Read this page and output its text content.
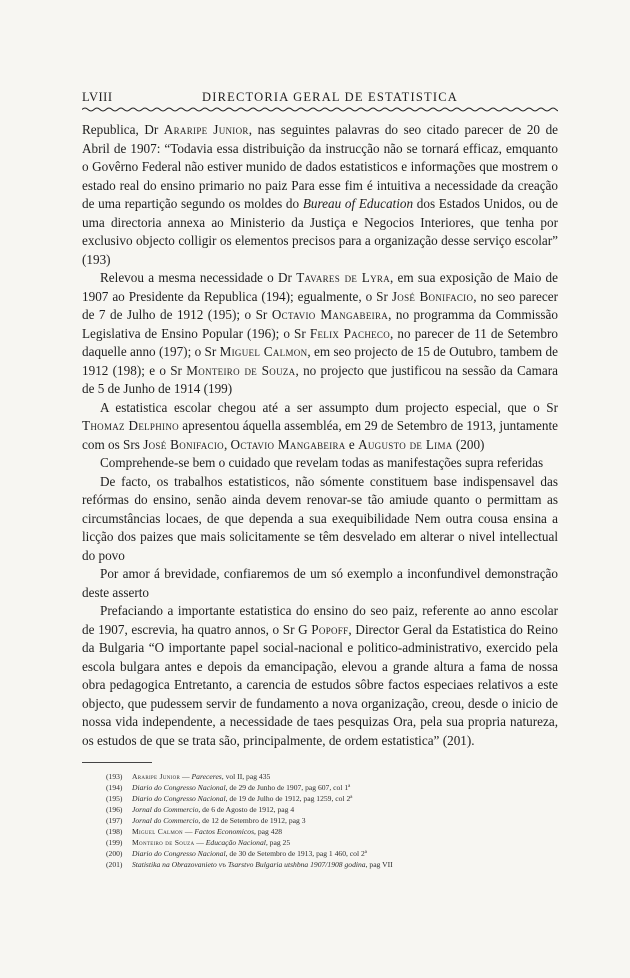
LVIII	DIRECTORIA GERAL DE ESTATISTICA

Republica, Dr Araripe Junior, nas seguintes palavras do seo citado parecer de 20 de Abril de 1907: “Todavia essa distribuição da instrucção não se tornará efficaz, emquanto o Govêrno Federal não estiver munido de dados estatisticos e informações que mostrem o estado real do ensino primario no paiz Para esse fim é intuitiva a necessidade da creação de uma repartição segundo os moldes do Bureau of Education dos Estados Unidos, ou de uma directoria annexa ao Ministerio da Justiça e Negocios Interiores, que tenha por exclusivo objecto colligir os elementos precisos para a organização desse serviço escolar” (193)

Relevou a mesma necessidade o Dr Tavares de Lyra, em sua exposição de Maio de 1907 ao Presidente da Republica (194); egualmente, o Sr José Bonifacio, no seo parecer de 7 de Julho de 1912 (195); o Sr Octavio Mangabeira, no programma da Commissão Legislativa de Ensino Popular (196); o Sr Felix Pacheco, no parecer de 11 de Setembro daquelle anno (197); o Sr Miguel Calmon, em seo projecto de 15 de Outubro, tambem de 1912 (198); e o Sr Monteiro de Souza, no projecto que justificou na sessão da Camara de 5 de Junho de 1914 (199)

A estatistica escolar chegou até a ser assumpto dum projecto especial, que o Sr Thomaz Delphino apresentou áquella assembléa, em 29 de Setembro de 1913, juntamente com os Srs José Bonifacio, Octavio Mangabeira e Augusto de Lima (200)

Comprehende-se bem o cuidado que revelam todas as manifestações supra referidas

De facto, os trabalhos estatisticos, não sómente constituem base indispensavel das refórmas do ensino, senão ainda devem renovar-se tão amiude quanto o permittam as circumstâncias locaes, de que dependa a sua exequibilidade Nem outra cousa ensina a licção dos paizes que mais solicitamente se têm desvelado em alterar o nivel intellectual do povo

Por amor á brevidade, confiaremos de um só exemplo a inconfundivel demonstração deste asserto

Prefaciando a importante estatistica do ensino do seo paiz, referente ao anno escolar de 1907, escrevia, ha quatro annos, o Sr G Popoff, Director Geral da Estatistica do Reino da Bulgaria “O importante papel social-nacional e politico-administrativo, exercido pela escola bulgara antes e depois da emancipação, elevou a grande altura a fama de nossa obra pedagogica Entretanto, a carencia de estudos sôbre factos especiaes relativos a este objecto, que pudessem servir de fundamento a nova organização, creou, desde o inicio de nossa vida independente, a necessidade de taes pesquizas Ora, pela sua propria natureza, os estudos de que se trata são, principalmente, de ordem estatistica” (201).

(193) Araripe Junior — Pareceres, vol II, pag 435
(194) Diario do Congresso Nacional, de 29 de Junho de 1907, pag 607, col 1ª
(195) Diario do Congresso Nacional, de 19 de Julho de 1912, pag 1259, col 2ª
(196) Jornal do Commercio, de 6 de Agosto de 1912, pag 4
(197) Jornal do Commercio, de 12 de Setembro de 1912, pag 3
(198) Miguel Calmon — Factos Economicos, pag 428
(199) Monteiro de Souza — Educação Nacional, pag 25
(200) Diario do Congresso Nacional, de 30 de Setembro de 1913, pag 1 460, col 2ª
(201) Statistika na Obrazovanieto vъ Tsarstvo Bulgaria utshbna 1907/1908 godina, pag VII
